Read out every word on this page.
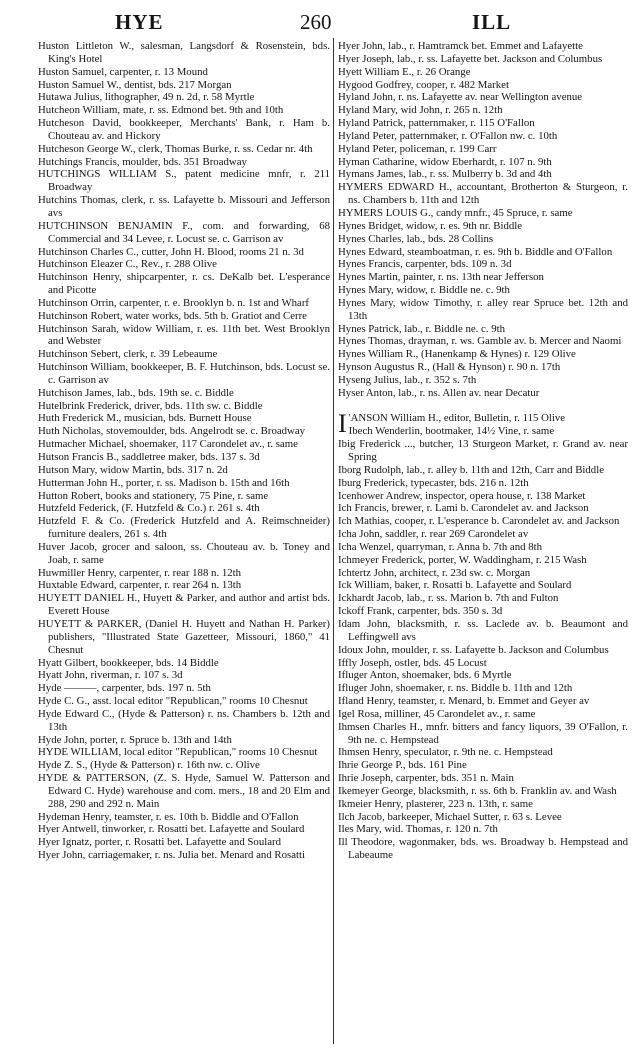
HYE	260	ILL
Huston Littleton W., salesman, Langsdorf & Rosenstein, bds. King's Hotel
Huston Samuel, carpenter, r. 13 Mound
Huston Samuel W., dentist, bds. 217 Morgan
Hutawa Julius, lithographer, 49 n. 2d, r. 58 Myrtle
Hutcheon William, mate, r. ss. Edmond bet. 9th and 10th
Hutcheson David, bookkeeper, Merchants' Bank, r. Ham b. Chouteau av. and Hickory
Hutcheson George W., clerk, Thomas Burke, r. ss. Cedar nr. 4th
Hutchings Francis, moulder, bds. 351 Broadway
HUTCHINGS WILLIAM S., patent medicine mnfr, r. 211 Broadway
Hutchins Thomas, clerk, r. ss. Lafayette b. Missouri and Jefferson avs
HUTCHINSON BENJAMIN F., com. and forwarding, 68 Commercial and 34 Levee, r. Locust se. c. Garrison av
Hutchinson Charles C., cutter, John H. Blood, rooms 21 n. 3d
Hutchinson Eleazer C., Rev., r. 288 Olive
Hutchinson Henry, shipcarpenter, r. cs. DeKalb bet. L'esperance and Picotte
Hutchinson Orrin, carpenter, r. e. Brooklyn b. n. 1st and Wharf
Hutchinson Robert, water works, bds. 5th b. Gratiot and Cerre
Hutchinson Sarah, widow William, r. es. 11th bet. West Brooklyn and Webster
Hutchinson Sebert, clerk, r. 39 Lebeaume
Hutchinson William, bookkeeper, B. F. Hutchinson, bds. Locust se. c. Garrison av
Hutchison James, lab., bds. 19th se. c. Biddle
Hutelbrink Frederick, driver, bds. 11th sw. c. Biddle
Huth Frederick M., musician, bds. Burnett House
Huth Nicholas, stovemoulder, bds. Angelrodt se. c. Broadway
Hutmacher Michael, shoemaker, 117 Carondelet av., r. same
Hutson Francis B., saddletree maker, bds. 137 s. 3d
Hutson Mary, widow Martin, bds. 317 n. 2d
Hutterman John H., porter, r. ss. Madison b. 15th and 16th
Hutton Robert, books and stationery, 75 Pine, r. same
Hutzfeld Federick, (F. Hutzfeld & Co.) r. 261 s. 4th
Hutzfeld F. & Co. (Frederick Hutzfeld and A. Reimschneider) furniture dealers, 261 s. 4th
Huver Jacob, grocer and saloon, ss. Chouteau av. b. Toney and Joab, r. same
Huwmiller Henry, carpenter, r. rear 188 n. 12th
Huxtable Edward, carpenter, r. rear 264 n. 13th
HUYETT DANIEL H., Huyett & Parker, and author and artist bds. Everett House
HUYETT & PARKER, (Daniel H. Huyett and Nathan H. Parker) publishers, "Illustrated State Gazetteer, Missouri, 1860," 41 Chesnut
Hyatt Gilbert, bookkeeper, bds. 14 Biddle
Hyatt John, riverman, r. 107 s. 3d
Hyde ———, carpenter, bds. 197 n. 5th
Hyde C. G., asst. local editor "Republican," rooms 10 Chesnut
Hyde Edward C., (Hyde & Patterson) r. ns. Chambers b. 12th and 13th
Hyde John, porter, r. Spruce b. 13th and 14th
HYDE WILLIAM, local editor "Republican," rooms 10 Chesnut
Hyde Z. S., (Hyde & Patterson) r. 16th nw. c. Olive
HYDE & PATTERSON, (Z. S. Hyde, Samuel W. Patterson and Edward C. Hyde) warehouse and com. mers., 18 and 20 Elm and 288, 290 and 292 n. Main
Hydeman Henry, teamster, r. es. 10th b. Biddle and O'Fallon
Hyer Antwell, tinworker, r. Rosatti bet. Lafayette and Soulard
Hyer Ignatz, porter, r. Rosatti bet. Lafayette and Soulard
Hyer John, carriagemaker, r. ns. Julia bet. Menard and Rosatti
Hyer John, lab., r. Hamtramck bet. Emmet and Lafayette
Hyer Joseph, lab., r. ss. Lafayette bet. Jackson and Columbus
Hyett William E., r. 26 Orange
Hygood Godfrey, cooper, r. 482 Market
Hyland John, r. ns. Lafayette av. near Wellington avenue
Hyland Mary, wid John, r. 265 n. 12th
Hyland Patrick, patternmaker, r. 115 O'Fallon
Hyland Peter, patternmaker, r. O'Fallon nw. c. 10th
Hyland Peter, policeman, r. 199 Carr
Hyman Catharine, widow Eberhardt, r. 107 n. 9th
Hymans James, lab., r. ss. Mulberry b. 3d and 4th
HYMERS EDWARD H., accountant, Brotherton & Sturgeon, r. ns. Chambers b. 11th and 12th
HYMERS LOUIS G., candy mnfr., 45 Spruce, r. same
Hynes Bridget, widow, r. es. 9th nr. Biddle
Hynes Charles, lab., bds. 28 Collins
Hynes Edward, steamboatman, r. es. 9th b. Biddle and O'Fallon
Hynes Francis, carpenter, bds. 109 n. 3d
Hynes Martin, painter, r. ns. 13th near Jefferson
Hynes Mary, widow, r. Biddle ne. c. 9th
Hynes Mary, widow Timothy, r. alley rear Spruce bet. 12th and 13th
Hynes Patrick, lab., r. Biddle ne. c. 9th
Hynes Thomas, drayman, r. ws. Gamble av. b. Mercer and Naomi
Hynes William R., (Hanenkamp & Hynes) r. 129 Olive
Hynson Augustus R., (Hall & Hynson) r. 90 n. 17th
Hyseng Julius, lab., r. 352 s. 7th
Hyser Anton, lab., r. ns. Allen av. near Decatur
I 'ANSON William H., editor, Bulletin, r. 115 Olive
Ibech Wenderlin, bootmaker, 14½ Vine, r. same
Ibig Frederick ..., butcher, 13 Sturgeon Market, r. Grand av. near Spring
Iborg Rudolph, lab., r. alley b. 11th and 12th, Carr and Biddle
Iburg Frederick, typecaster, bds. 216 n. 12th
Icenhower Andrew, inspector, opera house, r. 138 Market
Ich Francis, brewer, r. Lami b. Carondelet av. and Jackson
Ich Mathias, cooper, r. L'esperance b. Carondelet av. and Jackson
Icha John, saddler, r. rear 269 Carondelet av
Icha Wenzel, quarryman, r. Anna b. 7th and 8th
Ichmeyer Frederick, porter, W. Waddingham, r. 215 Wash
Ichtertz John, architect, r. 23d sw. c. Morgan
Ick William, baker, r. Rosatti b. Lafayette and Soulard
Ickhardt Jacob, lab., r. ss. Marion b. 7th and Fulton
Ickoff Frank, carpenter, bds. 350 s. 3d
Idam John, blacksmith, r. ss. Laclede av. b. Beaumont and Leffingwell avs
Idoux John, moulder, r. ss. Lafayette b. Jackson and Columbus
Iffly Joseph, ostler, bds. 45 Locust
Ifluger Anton, shoemaker, bds. 6 Myrtle
Ifluger John, shoemaker, r. ns. Biddle b. 11th and 12th
Ifland Henry, teamster, r. Menard, b. Emmet and Geyer av
Igel Rosa, milliner, 45 Carondelet av., r. same
Ihmsen Charles H., mnfr. bitters and fancy liquors, 39 O'Fallon, r. 9th ne. c. Hempstead
Ihmsen Henry, speculator, r. 9th ne. c. Hempstead
Ihrie George P., bds. 161 Pine
Ihrie Joseph, carpenter, bds. 351 n. Main
Ikemeyer George, blacksmith, r. ss. 6th b. Franklin av. and Wash
Ikmeier Henry, plasterer, 223 n. 13th, r. same
Ilch Jacob, barkeeper, Michael Sutter, r. 63 s. Levee
Iles Mary, wid. Thomas, r. 120 n. 7th
Ill Theodore, wagonmaker, bds. ws. Broadway b. Hempstead and Labeaume
